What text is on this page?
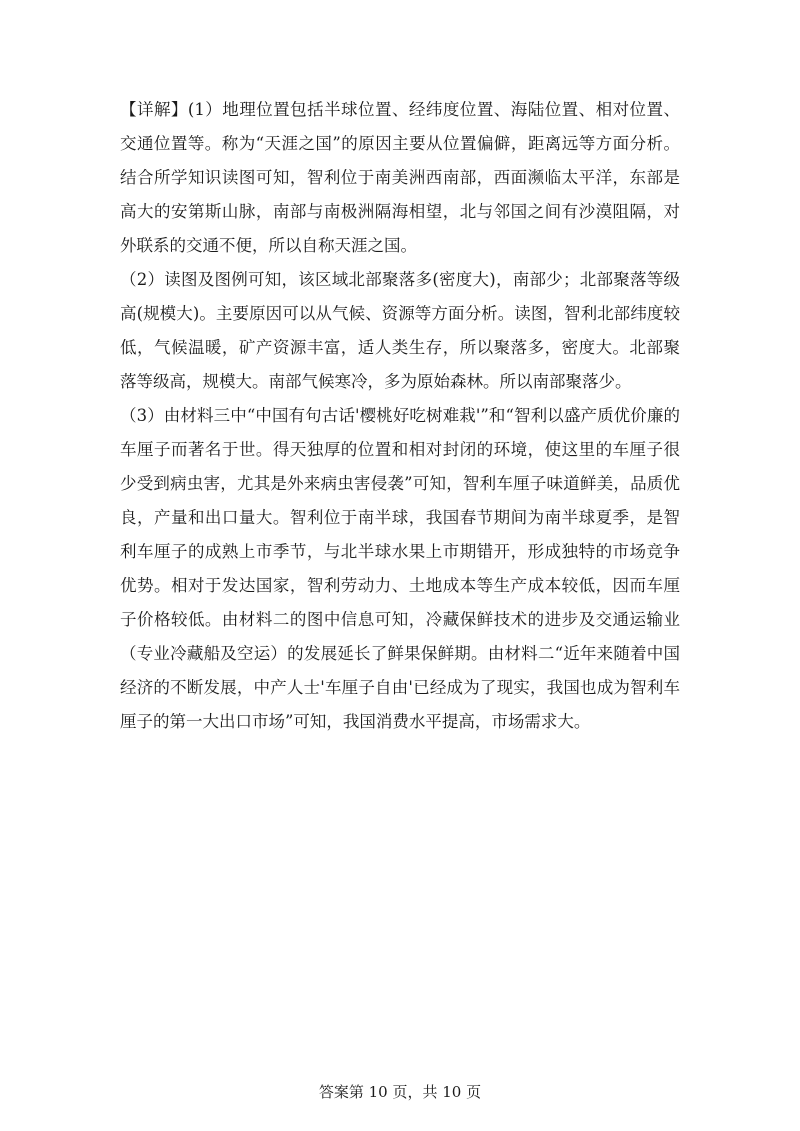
【详解】(1）地理位置包括半球位置、经纬度位置、海陆位置、相对位置、交通位置等。称为“天涯之国”的原因主要从位置偏僻，距离远等方面分析。结合所学知识读图可知，智利位于南美洲西南部，西面濒临太平洋，东部是高大的安第斯山脉，南部与南极洲隔海相望，北与邻国之间有沙漠阻隔，对外联系的交通不便，所以自称天涯之国。

（2）读图及图例可知，该区域北部聚落多(密度大)，南部少；北部聚落等级高(规模大)。主要原因可以从气候、资源等方面分析。读图，智利北部纬度较低，气候温暖，矿产资源丰富，适人类生存，所以聚落多，密度大。北部聚落等级高，规模大。南部气候寒冷，多为原始森林。所以南部聚落少。

（3）由材料三中“中国有句古话'樱桃好吃树难栽'”和“智利以盛产质优价廉的车厘子而著名于世。得天独厚的位置和相对封闭的环境，使这里的车厘子很少受到病虫害，尤其是外来病虫害侵袭”可知，智利车厘子味道鲜美，品质优良，产量和出口量大。智利位于南半球，我国春节期间为南半球夏季，是智利车厘子的成熟上市季节，与北半球水果上市期错开，形成独特的市场竞争优势。相对于发达国家，智利劳动力、土地成本等生产成本较低，因而车厘子价格较低。由材料二的图中信息可知，冷藏保鲜技术的进步及交通运输业（专业冷藏船及空运）的发展延长了鲜果保鲜期。由材料二“近年来随着中国经济的不断发展，中产人士'车厘子自由'已经成为了现实，我国也成为智利车厘子的第一大出口市场”可知，我国消费水平提高，市场需求大。

答案第 10 页，共 10 页
